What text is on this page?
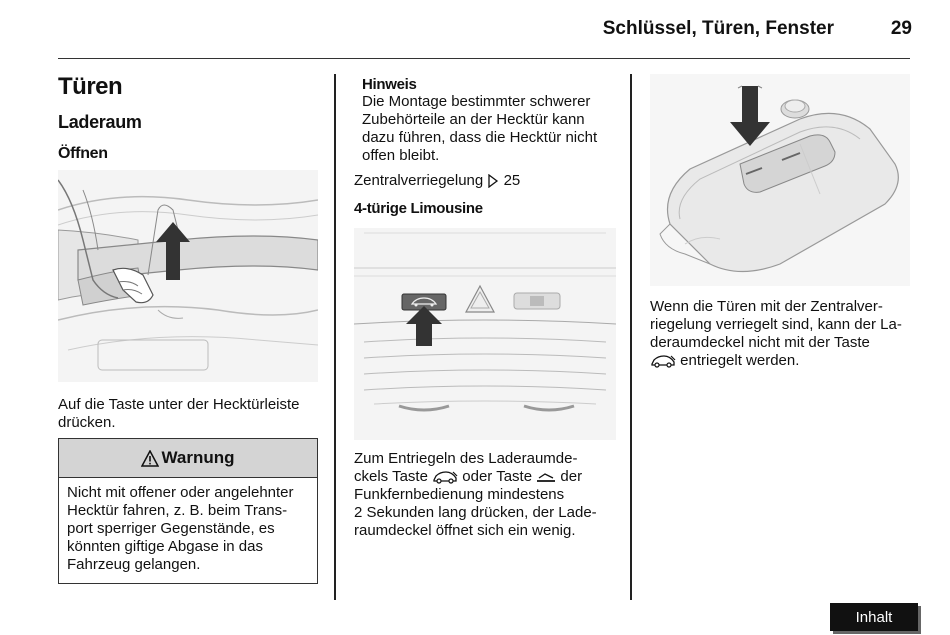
Schlüssel, Türen, Fenster	29
Türen
Laderaum
Öffnen
Auf die Taste unter der Hecktürleiste
drücken.
Warnung
Nicht mit offener oder angelehnter
Hecktür fahren, z. B. beim Trans-
port sperriger Gegenstände, es
könnten giftige Abgase in das
Fahrzeug gelangen.
Hinweis
Die Montage bestimmter schwerer
Zubehörteile an der Hecktür kann
dazu führen, dass die Hecktür nicht
offen bleibt.
Zentralverriegelung 25
4-türige Limousine
Zum Entriegeln des Laderaumde-
ckels Taste oder Taste der
Funkfernbedienung mindestens
2 Sekunden lang drücken, der Lade-
raumdeckel öffnet sich ein wenig.
Wenn die Türen mit der Zentralver-
riegelung verriegelt sind, kann der La-
deraumdeckel nicht mit der Taste
entriegelt werden.
Inhalt
